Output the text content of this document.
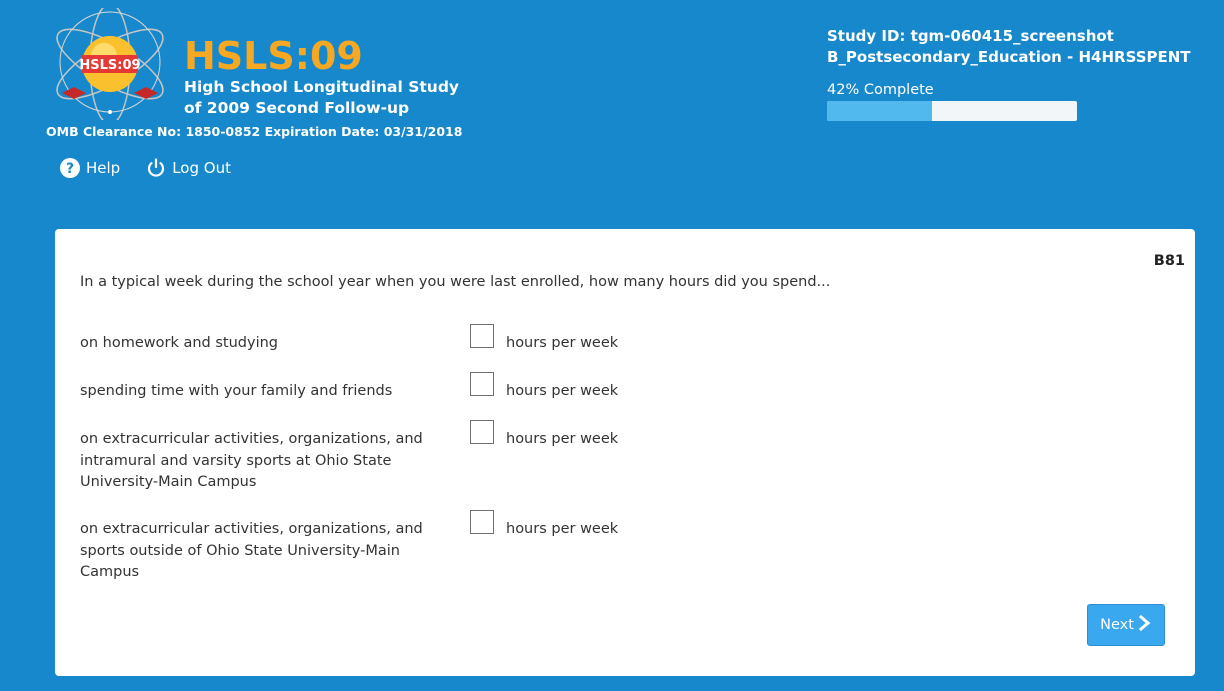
HSLS:09 HSLS:09
High School Longitudinal Study
of 2009 Second Follow-up
OMB Clearance No: 1850-0852 Expiration Date: 03/31/2018
? Help	Log Out
Study ID: tgm-060415_screenshot
B_Postsecondary_Education - H4HRSSPENT
42% Complete
B81
In a typical week during the school year when you were last enrolled, how many hours did you spend...
on homework and studying	hours per week
spending time with your family and friends	hours per week
on extracurricular activities, organizations, and intramural and varsity sports at Ohio State University-Main Campus
hours per week
on extracurricular activities, organizations, and sports outside of Ohio State University-Main Campus
hours per week
Next
